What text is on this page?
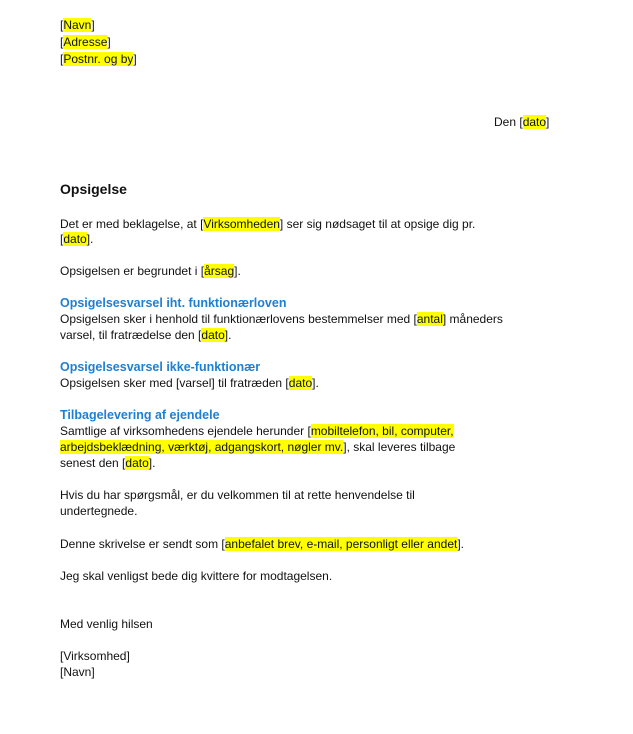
[Navn]
[Adresse]
[Postnr. og by]
Den [dato]
Opsigelse
Det er med beklagelse, at [Virksomheden] ser sig nødsaget til at opsige dig pr.
[dato].
Opsigelsen er begrundet i [årsag].
Opsigelsesvarsel iht. funktionærloven
Opsigelsen sker i henhold til funktionærlovens bestemmelser med [antal] måneders
varsel, til fratrædelse den [dato].
Opsigelsesvarsel ikke-funktionær
Opsigelsen sker med [varsel] til fratræden [dato].
Tilbagelevering af ejendele
Samtlige af virksomhedens ejendele herunder [mobiltelefon, bil, computer,
arbejdsbeklædning, værktøj, adgangskort, nøgler mv.], skal leveres tilbage
senest den [dato].
Hvis du har spørgsmål, er du velkommen til at rette henvendelse til
undertegnede.
Denne skrivelse er sendt som [anbefalet brev, e-mail, personligt eller andet].
Jeg skal venligst bede dig kvittere for modtagelsen.
Med venlig hilsen
[Virksomhed]
[Navn]
